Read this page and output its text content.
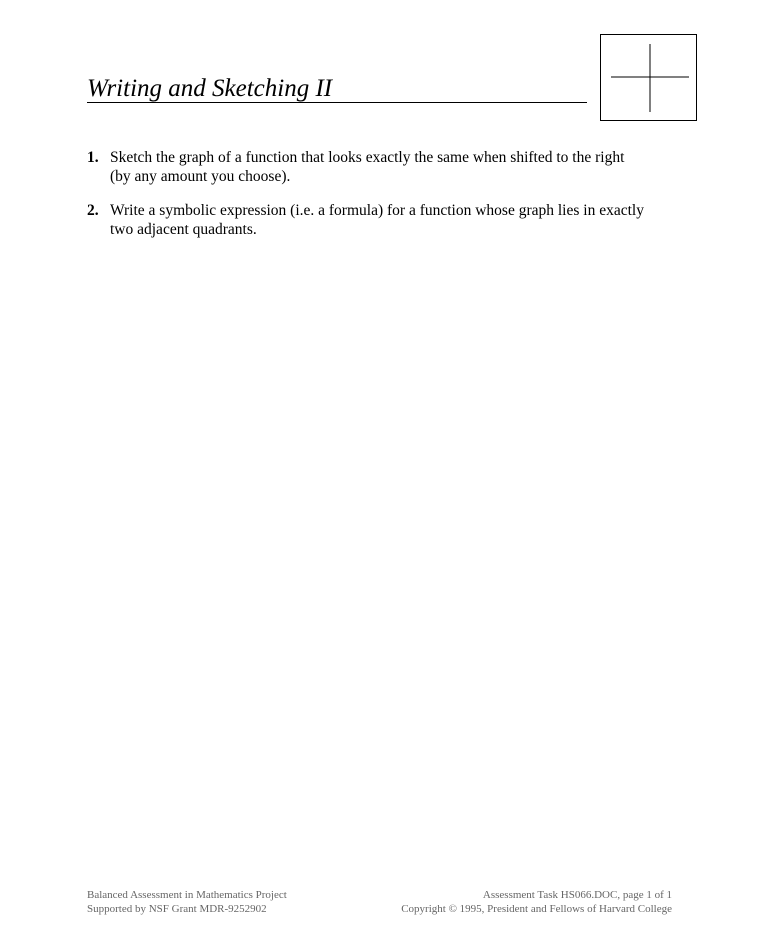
Writing and Sketching II
1. Sketch the graph of a function that looks exactly the same when shifted to the right
(by any amount you choose).
2. Write a symbolic expression (i.e. a formula) for a function whose graph lies in exactly
two adjacent quadrants.
Balanced Assessment in Mathematics Project
Supported by NSF Grant MDR-9252902
Assessment Task HS066.DOC, page 1 of 1
Copyright © 1995, President and Fellows of Harvard College
